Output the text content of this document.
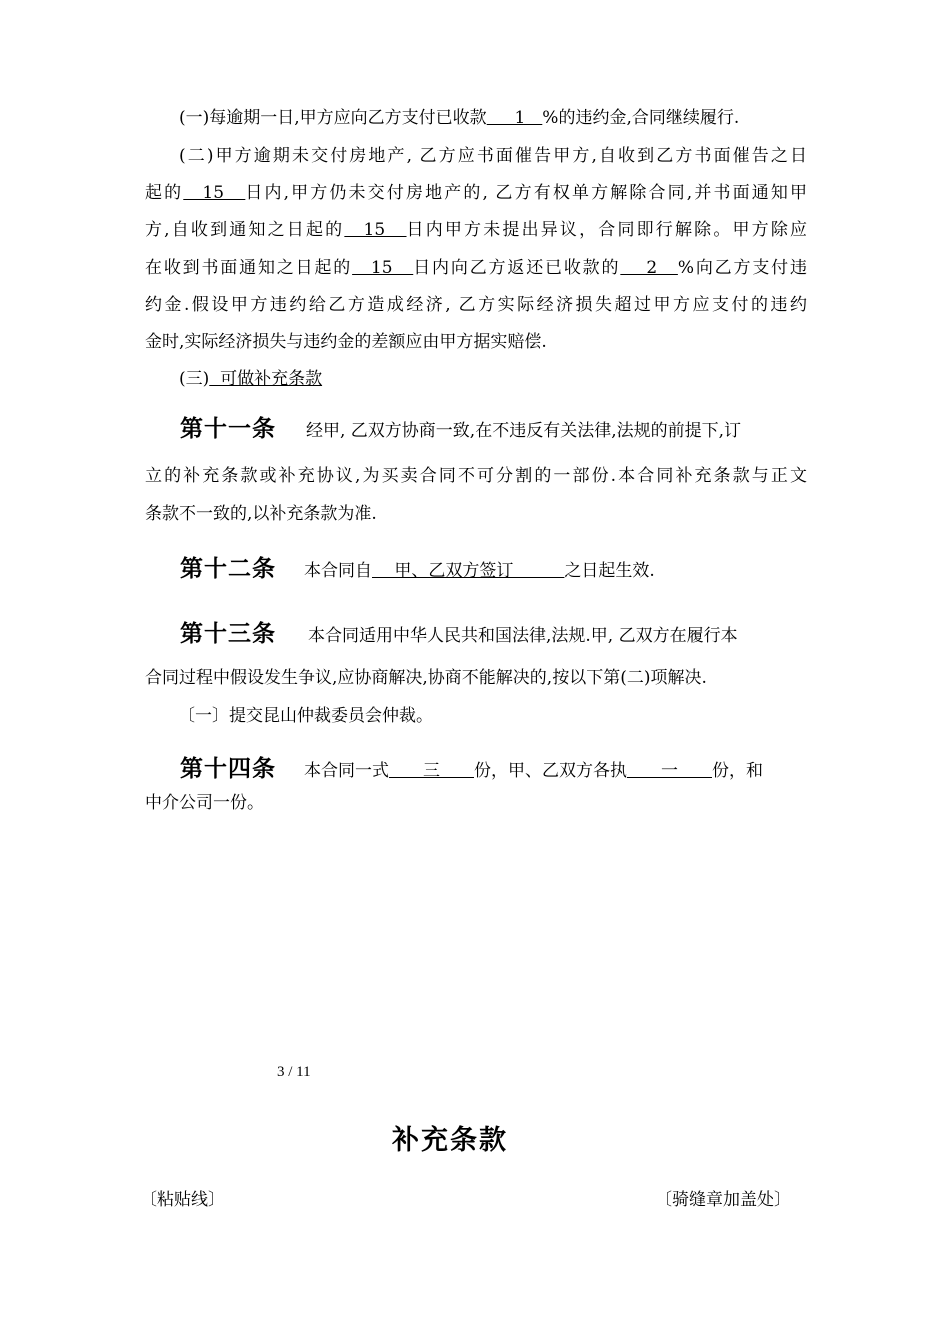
(一)每逾期一日,甲方应向乙方支付已收款　  1　%的违约金,合同继续履行.
(二)甲方逾期未交付房地产, 乙方应书面催告甲方,自收到乙方书面催告之日
起的　15　日内,甲方仍未交付房地产的, 乙方有权单方解除合同,并书面通知甲
方,自收到通知之日起的　15　日内甲方未提出异议，合同即行解除。甲方除应
在收到书面通知之日起的　15　日内向乙方返还已收款的　 2　%向乙方支付违
约金.假设甲方违约给乙方造成经济, 乙方实际经济损失超过甲方应支付的违约
金时,实际经济损失与违约金的差额应由甲方据实赔偿.
(三)  可做补充条款
第十一条 经甲, 乙双方协商一致,在不违反有关法律,法规的前提下,订
立的补充条款或补充协议,为买卖合同不可分割的一部份.本合同补充条款与正文
条款不一致的,以补充条款为准.
第十二条 本合同自　 甲、乙双方签订　　　之日起生效.
第十三条 本合同适用中华人民共和国法律,法规.甲, 乙双方在履行本
合同过程中假设发生争议,应协商解决,协商不能解决的,按以下第(二)项解决.
〔一〕提交昆山仲裁委员会仲裁。
第十四条 本合同一式　　三　　份，甲、乙双方各执　　一　　份，和
中介公司一份。
3 / 11
补充条款
〔粘贴线〕	〔骑缝章加盖处〕
